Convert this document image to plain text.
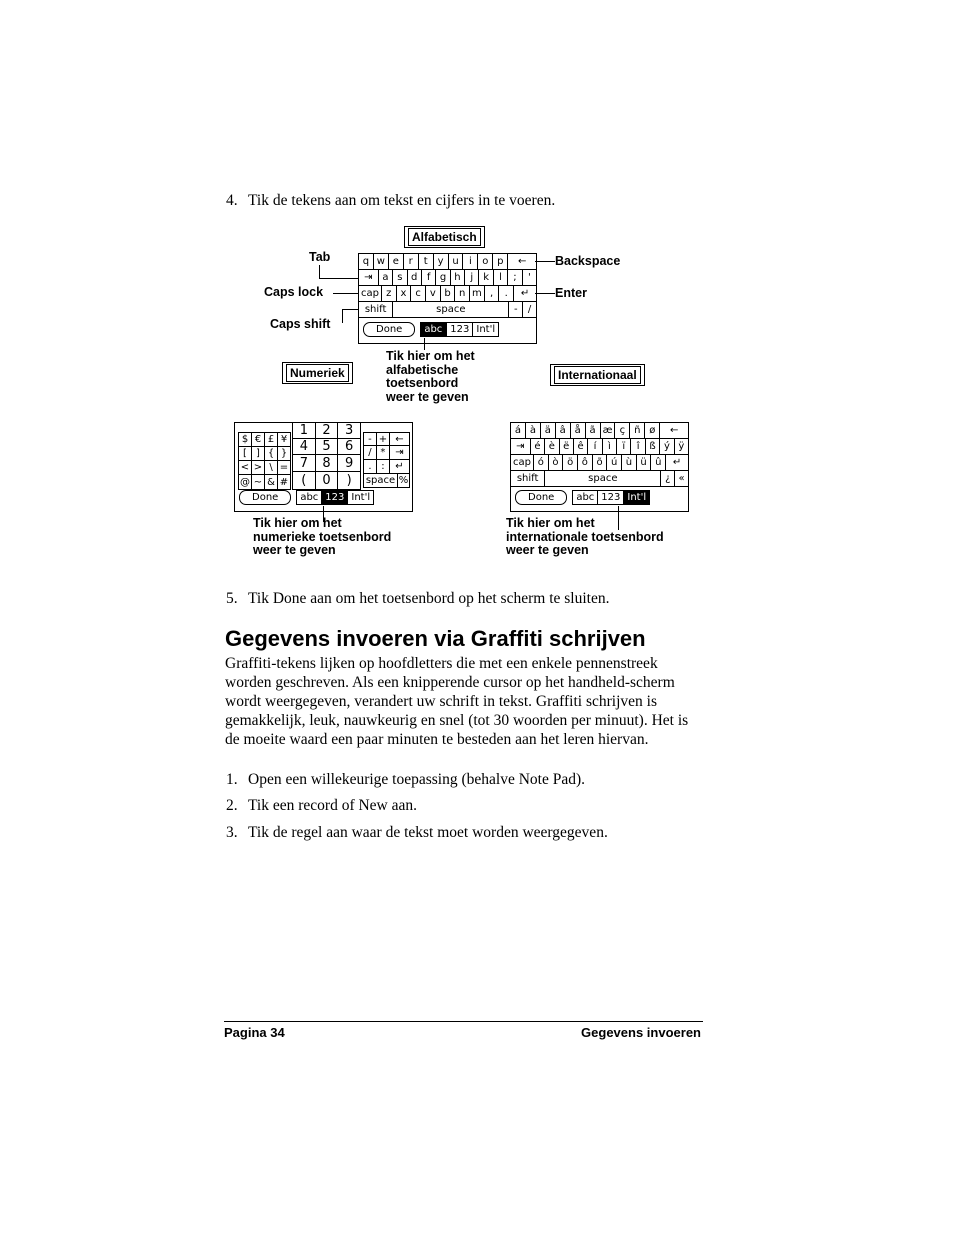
4. Tik de tekens aan om tekst en cijfers in te voeren.
Alfabetisch
q w e r	t	y u	i	o p	←
⇥ a s d f g h j	k	l	;	'
cap z x c v b n m ,	.	↵
shift	space	-	/
Done	abc 123 Int'l
Tab
Caps lock
Caps shift
Backspace
Enter
Tik hier om het
alfabetische
toetsenbord
weer te geven
Numeriek	Internationaal
$ € £ ¥
[ ] { }
< > \ =
@ ~ & #
1	2	3
4	5	6
7	8	9
(	0	)
- + ←
/ * ⇥
. :	↵
space %
Done	abc 123 Int'l
Tik hier om het
numerieke toetsenbord
weer te geven
á à ä â å ã æ ç ñ ø	←
⇥ é è ë ê í	ì	ï	î ß ý ÿ
cap ó ò ö ô õ ú ù ü û	↵
shift	space	¿ «
Done	abc 123 Int'l
Tik hier om het
internationale toetsenbord
weer te geven
5. Tik Done aan om het toetsenbord op het scherm te sluiten.
Gegevens invoeren via Graffiti schrijven
Graffiti-tekens lijken op hoofdletters die met een enkele pennenstreek worden geschreven. Als een knipperende cursor op het handheld-scherm wordt weergegeven, verandert uw schrift in tekst. Graffiti schrijven is gemakkelijk, leuk, nauwkeurig en snel (tot 30 woorden per minuut). Het is de moeite waard een paar minuten te besteden aan het leren hiervan.
1. Open een willekeurige toepassing (behalve Note Pad).
2. Tik een record of New aan.
3. Tik de regel aan waar de tekst moet worden weergegeven.
Pagina 34	Gegevens invoeren
